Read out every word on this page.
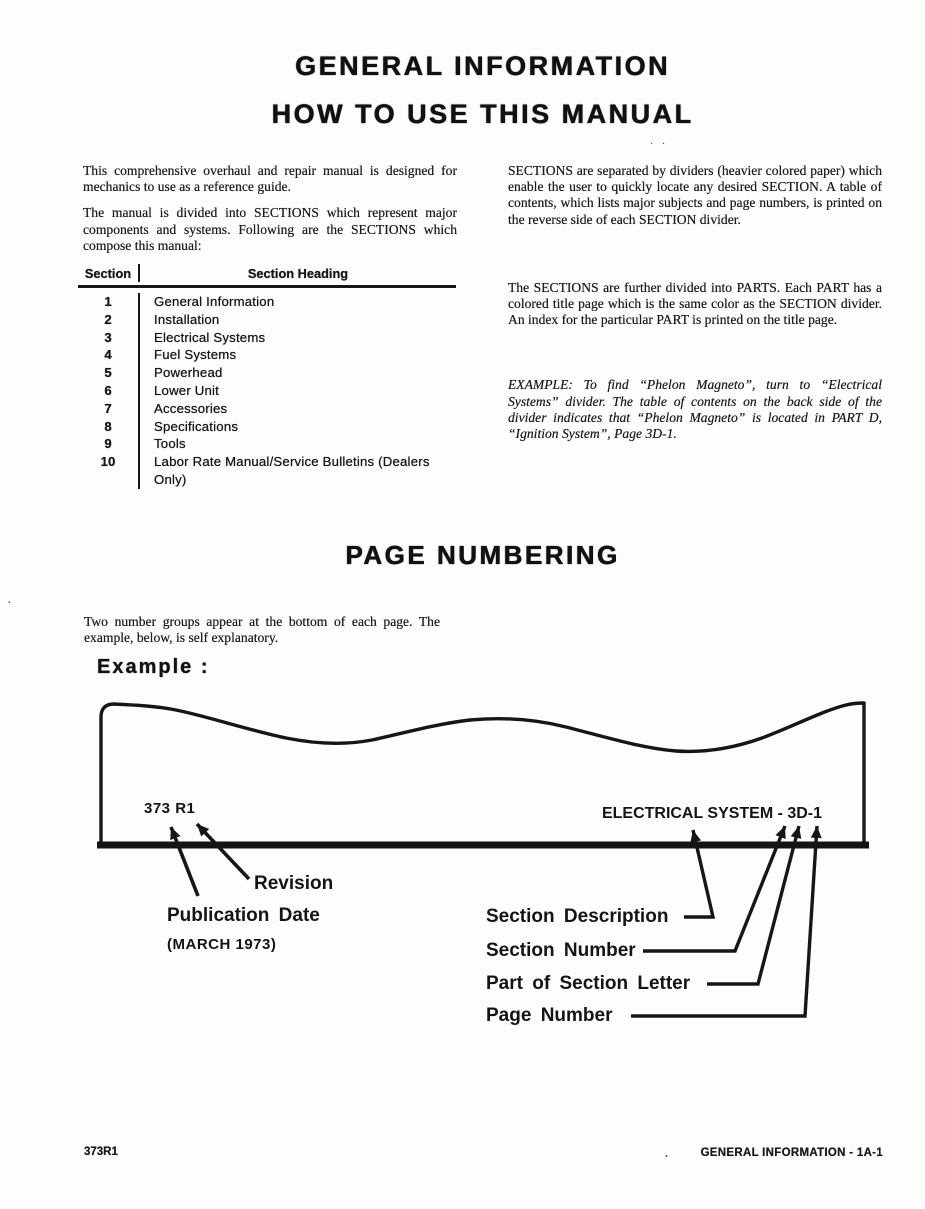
GENERAL INFORMATION
HOW TO USE THIS MANUAL

This comprehensive overhaul and repair manual is designed for mechanics to use as a reference guide.

The manual is divided into SECTIONS which represent major components and systems. Following are the SECTIONS which compose this manual:

Section	Section Heading
1	General Information
2	Installation
3	Electrical Systems
4	Fuel Systems
5	Powerhead
6	Lower Unit
7	Accessories
8	Specifications
9	Tools
10	Labor Rate Manual/Service Bulletins (Dealers Only)

SECTIONS are separated by dividers (heavier colored paper) which enable the user to quickly locate any desired SECTION. A table of contents, which lists major subjects and page numbers, is printed on the reverse side of each SECTION divider.

The SECTIONS are further divided into PARTS. Each PART has a colored title page which is the same color as the SECTION divider. An index for the particular PART is printed on the title page.

EXAMPLE: To find “Phelon Magneto”, turn to “Electrical Systems” divider. The table of contents on the back side of the divider indicates that “Phelon Magneto” is located in PART D, “Ignition System”, Page 3D-1.

PAGE NUMBERING

Two number groups appear at the bottom of each page. The example, below, is self explanatory.

Example :
373 R1	ELECTRICAL SYSTEM - 3D-1
Revision
Publication Date
(MARCH 1973)
Section Description
Section Number
Part of Section Letter
Page Number
373R1	GENERAL INFORMATION - 1A-1
· ·
·
.
